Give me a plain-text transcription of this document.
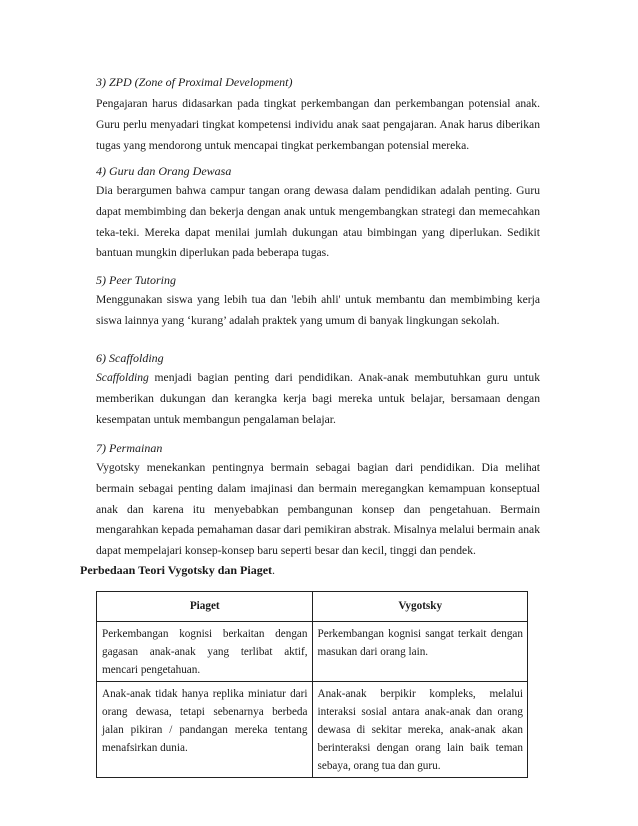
3) ZPD (Zone of Proximal Development)

Pengajaran harus didasarkan pada tingkat perkembangan dan perkembangan potensial anak. Guru perlu menyadari tingkat kompetensi individu anak saat pengajaran. Anak harus diberikan tugas yang mendorong untuk mencapai tingkat perkembangan potensial mereka.

4) Guru dan Orang Dewasa

Dia berargumen bahwa campur tangan orang dewasa dalam pendidikan adalah penting. Guru dapat membimbing dan bekerja dengan anak untuk mengembangkan strategi dan memecahkan teka-teki. Mereka dapat menilai jumlah dukungan atau bimbingan yang diperlukan. Sedikit bantuan mungkin diperlukan pada beberapa tugas.

5) Peer Tutoring

Menggunakan siswa yang lebih tua dan 'lebih ahli' untuk membantu dan membimbing kerja siswa lainnya yang ‘kurang’ adalah praktek yang umum di banyak lingkungan sekolah.

6) Scaffolding

Scaffolding menjadi bagian penting dari pendidikan. Anak-anak membutuhkan guru untuk memberikan dukungan dan kerangka kerja bagi mereka untuk belajar, bersamaan dengan kesempatan untuk membangun pengalaman belajar.

7) Permainan

Vygotsky menekankan pentingnya bermain sebagai bagian dari pendidikan. Dia melihat bermain sebagai penting dalam imajinasi dan bermain meregangkan kemampuan konseptual anak dan karena itu menyebabkan pembangunan konsep dan pengetahuan. Bermain mengarahkan kepada pemahaman dasar dari pemikiran abstrak. Misalnya melalui bermain anak dapat mempelajari konsep-konsep baru seperti besar dan kecil, tinggi dan pendek.

Perbedaan Teori Vygotsky dan Piaget.

Piaget	Vygotsky
Perkembangan kognisi berkaitan dengan gagasan anak-anak yang terlibat aktif, mencari pengetahuan.	Perkembangan kognisi sangat terkait dengan masukan dari orang lain.
Anak-anak tidak hanya replika miniatur dari orang dewasa, tetapi sebenarnya berbeda jalan pikiran / pandangan mereka tentang menafsirkan dunia.	Anak-anak berpikir kompleks, melalui interaksi sosial antara anak-anak dan orang dewasa di sekitar mereka, anak-anak akan berinteraksi dengan orang lain baik teman sebaya, orang tua dan guru.
